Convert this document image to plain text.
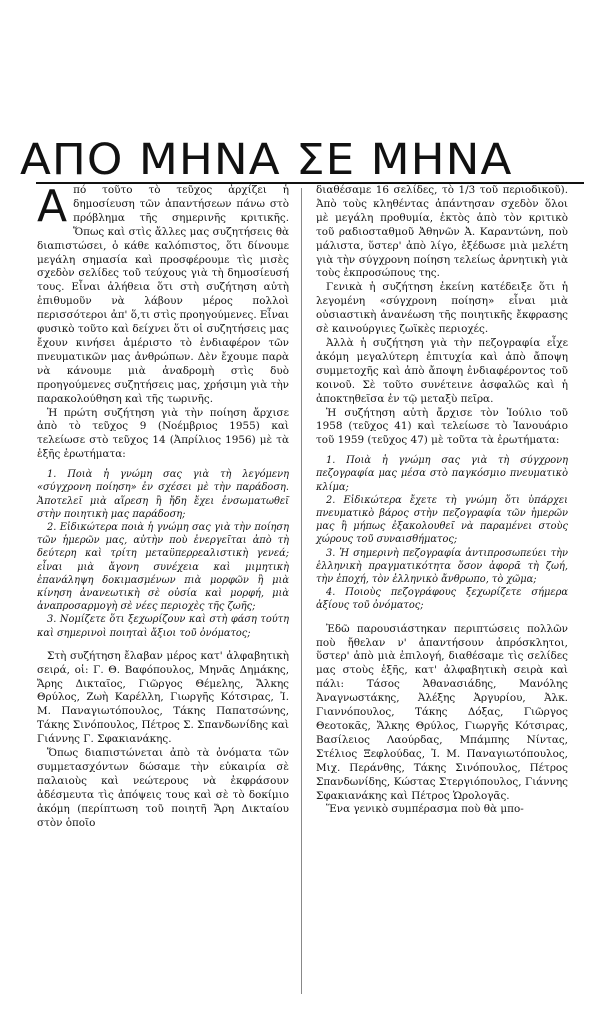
ΑΠΟ ΜΗΝΑ ΣΕ ΜΗΝΑ

Από τοῦτο τὸ τεῦχος ἀρχίζει ἡ δημοσίευση τῶν ἀπαντήσεων πάνω στὸ πρόβλημα τῆς σημερινῆς κριτικῆς. Ὅπως καὶ στὶς ἄλλες μας συζητήσεις θὰ διαπιστώσει, ὁ κάθε καλόπιστος, ὅτι δίνουμε μεγάλη σημασία καὶ προσφέρουμε τὶς μισὲς σχεδὸν σελίδες τοῦ τεύχους γιὰ τὴ δημοσίευσή τους. Εἶναι ἀλήθεια ὅτι στὴ συζήτηση αὐτὴ ἐπιθυμοῦν νὰ λάβουν μέρος πολλοὶ περισσότεροι ἀπ' ὅ,τι στὶς προηγούμενες. Εἶναι φυσικὸ τοῦτο καὶ δείχνει ὅτι οἱ συζητήσεις μας ἔχουν κινήσει ἀμέριστο τὸ ἐνδιαφέρον τῶν πνευματικῶν μας ἀνθρώπων. Δὲν ἔχουμε παρὰ νὰ κάνουμε μιὰ ἀναδρομὴ στὶς δυὸ προηγούμενες συζητήσεις μας, χρήσιμη γιὰ τὴν παρακολούθηση καὶ τῆς τωρινῆς.

Ἡ πρώτη συζήτηση γιὰ τὴν ποίηση ἄρχισε ἀπὸ τὸ τεῦχος 9 (Νοέμβριος 1955) καὶ τελείωσε στὸ τεῦχος 14 (Ἀπρίλιος 1956) μὲ τὰ ἑξῆς ἐρωτήματα:

1. Ποιὰ ἡ γνώμη σας γιὰ τὴ λεγόμενη «σύγχρονη ποίηση» ἐν σχέσει μὲ τὴν παράδοση. Ἀποτελεῖ μιὰ αἵρεση ἢ ἤδη ἔχει ἐνσωματωθεῖ στὴν ποιητικὴ μας παράδοση;

2. Εἰδικώτερα ποιὰ ἡ γνώμη σας γιὰ τὴν ποίηση τῶν ἡμερῶν μας, αὐτὴν ποὺ ἐνεργεῖται ἀπὸ τὴ δεύτερη καὶ τρίτη μεταϋπερρεαλιστικὴ γενεά; εἶναι μιὰ ἄγονη συνέχεια καὶ μιμητικὴ ἐπανάληψη δοκιμασμένων πιὰ μορφῶν ἢ μιὰ κίνηση ἀνανεωτικὴ σὲ οὐσία καὶ μορφή, μιὰ ἀναπροσαρμογὴ σὲ νέες περιοχὲς τῆς ζωῆς;

3. Νομίζετε ὅτι ξεχωρίζουν καὶ στὴ φάση τούτη καὶ σημερινοὶ ποιηταὶ ἄξιοι τοῦ ὀνόματος;

Στὴ συζήτηση ἔλαβαν μέρος κατ' ἀλφαβητικὴ σειρά, οἱ: Γ. Θ. Βαφόπουλος, Μηνᾶς Δημάκης, Ἄρης Δικταῖος, Γιῶργος Θέμελης, Ἄλκης Θρύλος, Ζωὴ Καρέλλη, Γιωργῆς Κότσιρας, Ἰ. Μ. Παναγιωτόπουλος, Τάκης Παπατσώνης, Τάκης Σινόπουλος, Πέτρος Σ. Σπανδωνίδης καὶ Γιάννης Γ. Σφακιανάκης.

Ὅπως διαπιστώνεται ἀπὸ τὰ ὀνόματα τῶν συμμετασχόντων δώσαμε τὴν εὐκαιρία σὲ παλαιοὺς καὶ νεώτερους νὰ ἐκφράσουν ἀδέσμευτα τὶς ἀπόψεις τους καὶ σὲ τὸ δοκίμιο ἀκόμη (περίπτωση τοῦ ποιητῆ Ἄρη Δικταίου στὸν ὁποῖο

διαθέσαμε 16 σελίδες, τὸ 1/3 τοῦ περιοδικοῦ). Ἀπὸ τοὺς κληθέντας ἀπάντησαν σχεδὸν ὅλοι μὲ μεγάλη προθυμία, ἐκτὸς ἀπὸ τὸν κριτικὸ τοῦ ραδιοσταθμοῦ Ἀθηνῶν Ἀ. Καραντώνη, ποὺ μάλιστα, ὕστερ' ἀπὸ λίγο, ἐξέδωσε μιὰ μελέτη γιὰ τὴν σύγχρονη ποίηση τελείως ἀρνητικὴ γιὰ τοὺς ἐκπροσώπους της.

Γενικὰ ἡ συζήτηση ἐκείνη κατέδειξε ὅτι ἡ λεγομένη «σύγχρονη ποίηση» εἶναι μιὰ οὐσιαστικὴ ἀνανέωση τῆς ποιητικῆς ἔκφρασης σὲ καινούργιες ζωϊκὲς περιοχές.

Ἀλλὰ ἡ συζήτηση γιὰ τὴν πεζογραφία εἶχε ἀκόμη μεγαλύτερη ἐπιτυχία καὶ ἀπὸ ἄποψη συμμετοχῆς καὶ ἀπὸ ἄποψη ἐνδιαφέροντος τοῦ κοινοῦ. Σὲ τοῦτο συνέτεινε ἀσφαλῶς καὶ ἡ ἀποκτηθεῖσα ἐν τῷ μεταξὺ πεῖρα.

Ἡ συζήτηση αὐτὴ ἄρχισε τὸν Ἰούλιο τοῦ 1958 (τεῦχος 41) καὶ τελείωσε τὸ Ἰανουάριο τοῦ 1959 (τεῦχος 47) μὲ τοῦτα τὰ ἐρωτήματα:

1. Ποιὰ ἡ γνώμη σας γιὰ τὴ σύγχρονη πεζογραφία μας μέσα στὸ παγκόσμιο πνευματικὸ κλίμα;

2. Εἰδικώτερα ἔχετε τὴ γνώμη ὅτι ὑπάρχει πνευματικὸ βάρος στὴν πεζογραφία τῶν ἡμερῶν μας ἢ μήπως ἐξακολουθεῖ νὰ παραμένει στοὺς χώρους τοῦ συναισθήματος;

3. Ἡ σημερινὴ πεζογραφία ἀντιπροσωπεύει τὴν ἑλληνικὴ πραγματικότητα ὅσον ἀφορᾶ τὴ ζωή, τὴν ἐποχή, τὸν ἑλληνικὸ ἄνθρωπο, τὸ χῶμα;

4. Ποιοὺς πεζογράφους ξεχωρίζετε σήμερα ἀξίους τοῦ ὀνόματος;

Ἐδῶ παρουσιάστηκαν περιπτώσεις πολλῶν ποὺ ἤθελαν ν' ἀπαντήσουν ἀπρόσκλητοι, ὕστερ' ἀπὸ μιὰ ἐπιλογή, διαθέσαμε τὶς σελίδες μας στοὺς ἑξῆς, κατ' ἀλφαβητικὴ σειρὰ καὶ πάλι: Τάσος Ἀθανασιάδης, Μανόλης Ἀναγνωστάκης, Ἀλέξης Ἀργυρίου, Ἀλκ. Γιαννόπουλος, Τάκης Δόξας, Γιῶργος Θεοτοκᾶς, Ἄλκης Θρύλος, Γιωργῆς Κότσιρας, Βασίλειος Λαούρδας, Μπάμπης Νίντας, Στέλιος Ξεφλούδας, Ἰ. Μ. Παναγιωτόπουλος, Μιχ. Περάνθης, Τάκης Σινόπουλος, Πέτρος Σπανδωνίδης, Κώστας Στεργιόπουλος, Γιάννης Σφακιανάκης καὶ Πέτρος Ὡρολογᾶς.

Ἕνα γενικὸ συμπέρασμα ποὺ θὰ μπο-
